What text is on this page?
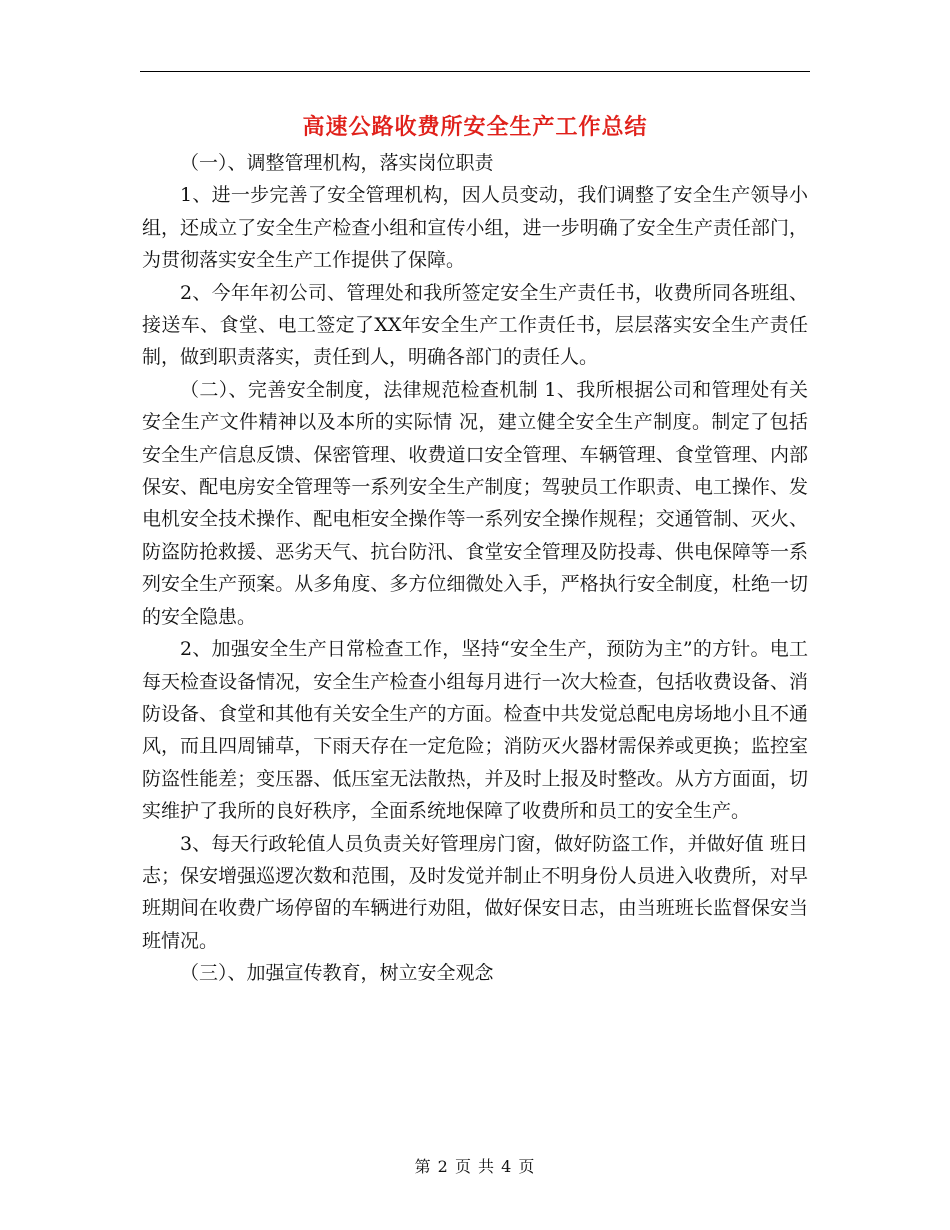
高速公路收费所安全生产工作总结

（一）、调整管理机构，落实岗位职责

1、进一步完善了安全管理机构，因人员变动，我们调整了安全生产领导小组，还成立了安全生产检查小组和宣传小组，进一步明确了安全生产责任部门，为贯彻落实安全生产工作提供了保障。

2、今年年初公司、管理处和我所签定安全生产责任书，收费所同各班组、接送车、食堂、电工签定了XX年安全生产工作责任书，层层落实安全生产责任制，做到职责落实，责任到人，明确各部门的责任人。

（二）、完善安全制度，法律规范检查机制 1、我所根据公司和管理处有关安全生产文件精神以及本所的实际情 况，建立健全安全生产制度。制定了包括安全生产信息反馈、保密管理、收费道口安全管理、车辆管理、食堂管理、内部保安、配电房安全管理等一系列安全生产制度；驾驶员工作职责、电工操作、发电机安全技术操作、配电柜安全操作等一系列安全操作规程；交通管制、灭火、防盗防抢救援、恶劣天气、抗台防汛、食堂安全管理及防投毒、供电保障等一系列安全生产预案。从多角度、多方位细微处入手，严格执行安全制度，杜绝一切的安全隐患。

2、加强安全生产日常检查工作，坚持“安全生产，预防为主”的方针。电工每天检查设备情况，安全生产检查小组每月进行一次大检查，包括收费设备、消防设备、食堂和其他有关安全生产的方面。检查中共发觉总配电房场地小且不通风，而且四周铺草，下雨天存在一定危险；消防灭火器材需保养或更换；监控室防盗性能差；变压器、低压室无法散热，并及时上报及时整改。从方方面面，切实维护了我所的良好秩序，全面系统地保障了收费所和员工的安全生产。

3、每天行政轮值人员负责关好管理房门窗，做好防盗工作，并做好值 班日志；保安增强巡逻次数和范围，及时发觉并制止不明身份人员进入收费所，对早班期间在收费广场停留的车辆进行劝阻，做好保安日志，由当班班长监督保安当班情况。

（三）、加强宣传教育，树立安全观念

第 2 页 共 4 页
